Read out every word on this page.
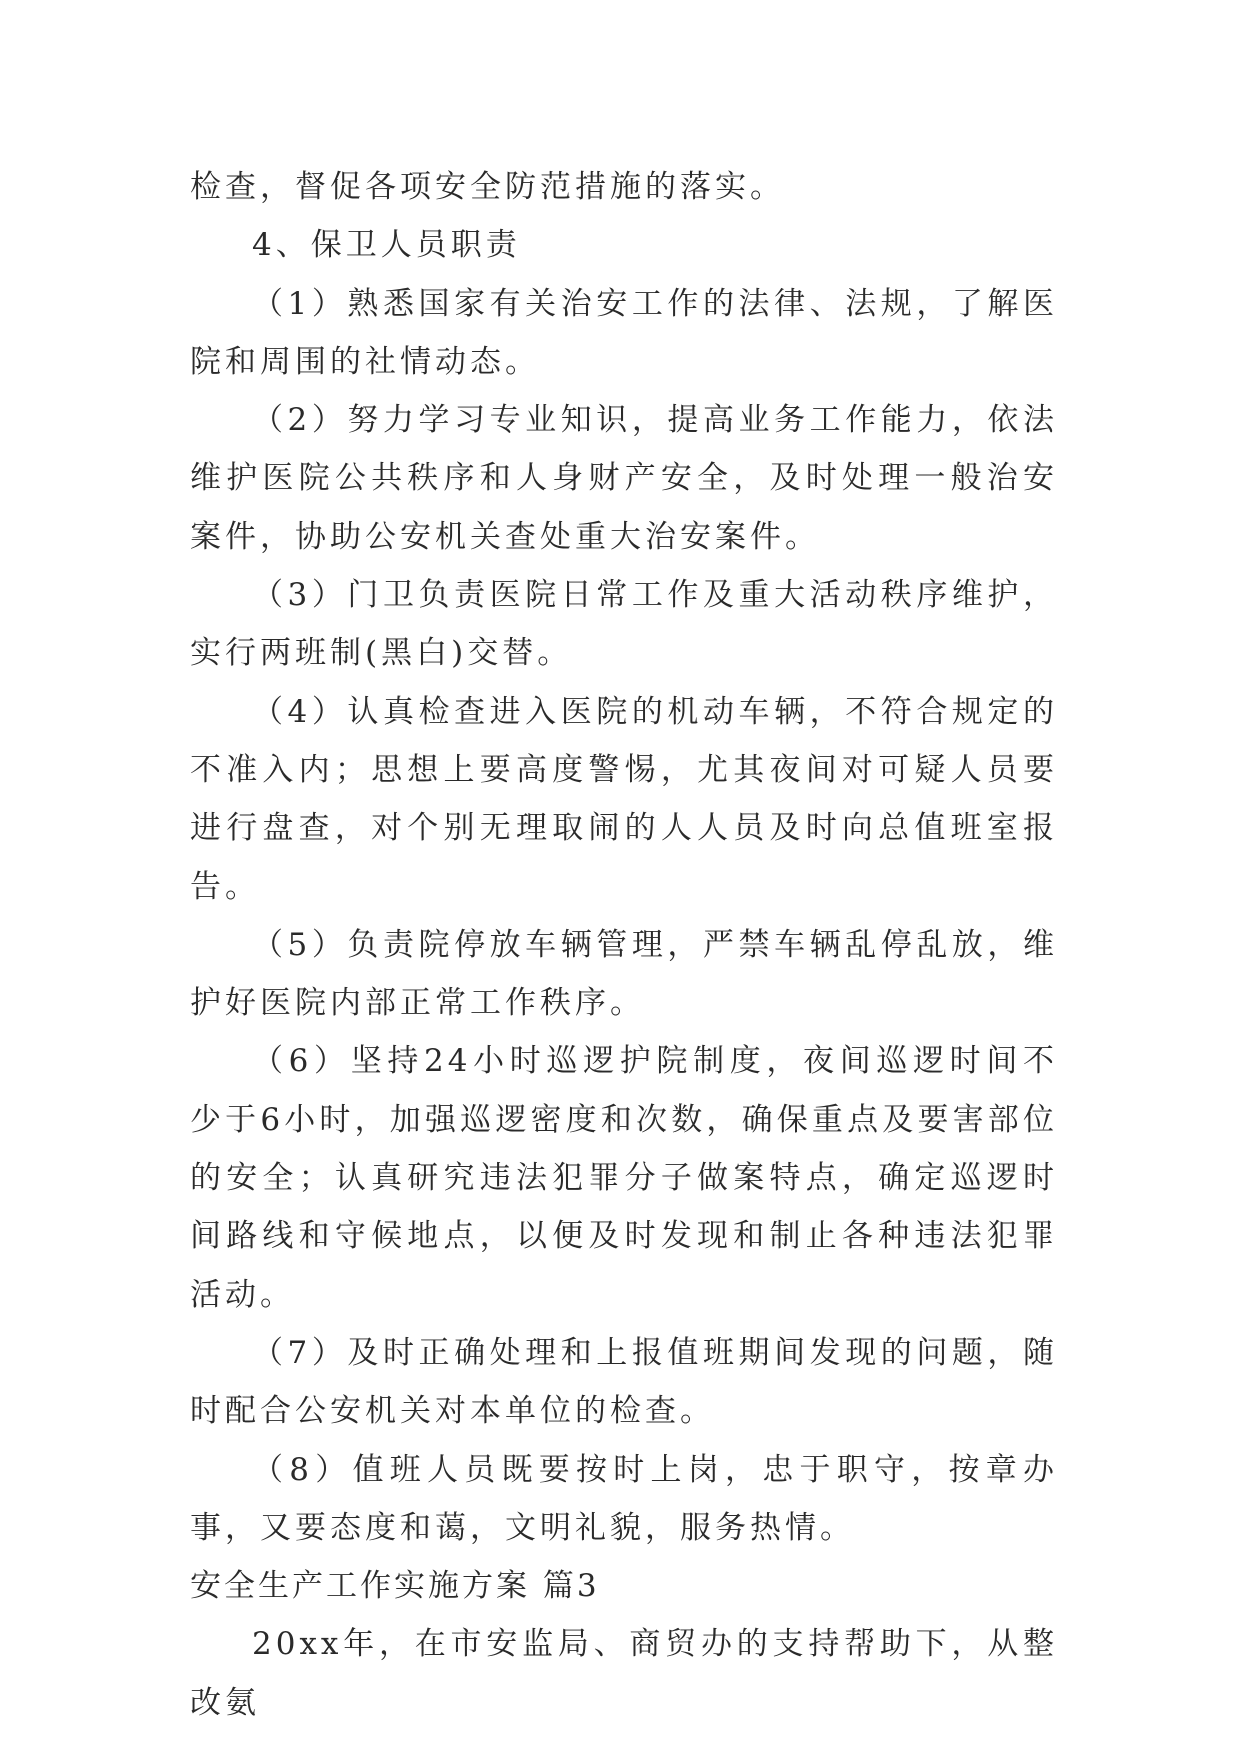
检查，督促各项安全防范措施的落实。

4、保卫人员职责

（1）熟悉国家有关治安工作的法律、法规，了解医院和周围的社情动态。

（2）努力学习专业知识，提高业务工作能力，依法维护医院公共秩序和人身财产安全，及时处理一般治安案件，协助公安机关查处重大治安案件。

（3）门卫负责医院日常工作及重大活动秩序维护，实行两班制(黑白)交替。

（4）认真检查进入医院的机动车辆，不符合规定的不准入内；思想上要高度警惕，尤其夜间对可疑人员要进行盘查，对个别无理取闹的人人员及时向总值班室报告。

（5）负责院停放车辆管理，严禁车辆乱停乱放，维护好医院内部正常工作秩序。

（6）坚持24小时巡逻护院制度，夜间巡逻时间不少于6小时，加强巡逻密度和次数，确保重点及要害部位的安全；认真研究违法犯罪分子做案特点，确定巡逻时间路线和守候地点，以便及时发现和制止各种违法犯罪活动。

（7）及时正确处理和上报值班期间发现的问题，随时配合公安机关对本单位的检查。

（8）值班人员既要按时上岗，忠于职守，按章办事，又要态度和蔼，文明礼貌，服务热情。

安全生产工作实施方案 篇3

20xx年，在市安监局、商贸办的支持帮助下，从整改氨
